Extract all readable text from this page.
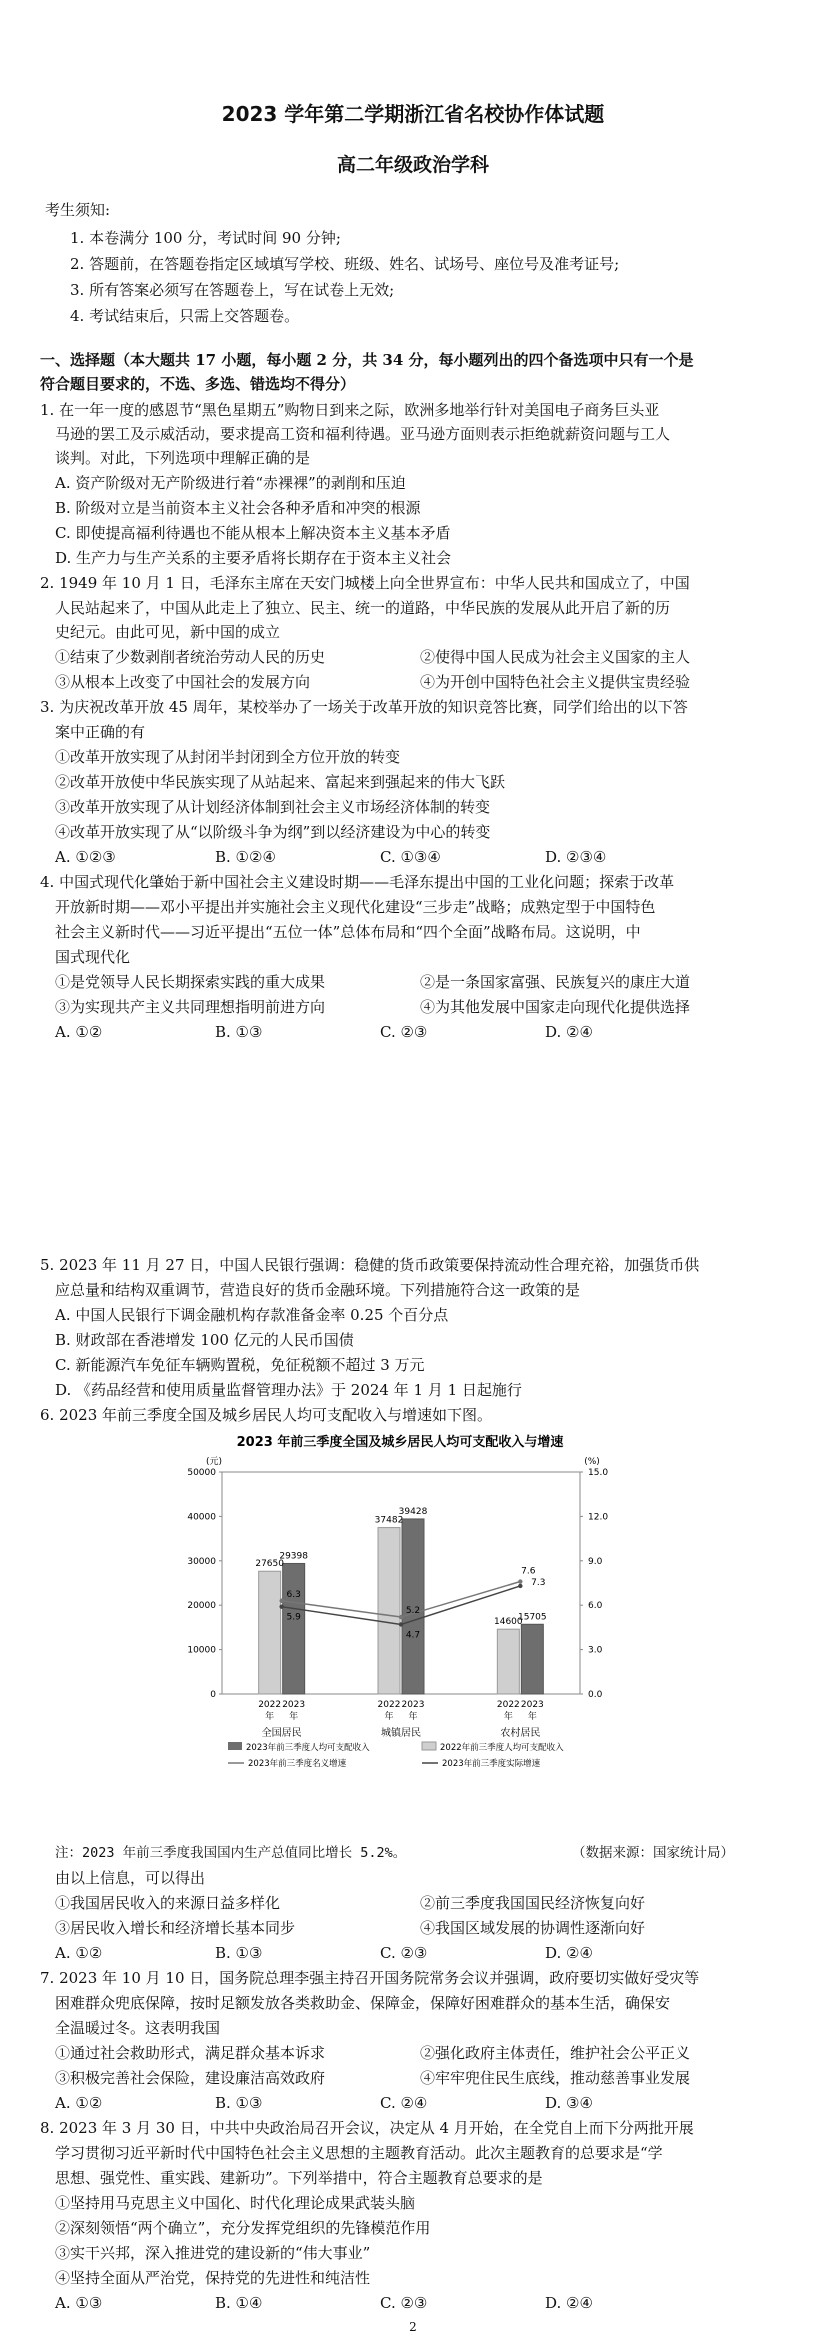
2023 学年第二学期浙江省名校协作体试题
高二年级政治学科
考生须知:
1. 本卷满分 100 分，考试时间 90 分钟;
2. 答题前，在答题卷指定区域填写学校、班级、姓名、试场号、座位号及准考证号;
3. 所有答案必须写在答题卷上，写在试卷上无效;
4. 考试结束后，只需上交答题卷。
一、选择题（本大题共 17 小题，每小题 2 分，共 34 分，每小题列出的四个备选项中只有一个是
符合题目要求的，不选、多选、错选均不得分）
1. 在一年一度的感恩节“黑色星期五”购物日到来之际，欧洲多地举行针对美国电子商务巨头亚
马逊的罢工及示威活动，要求提高工资和福利待遇。亚马逊方面则表示拒绝就薪资问题与工人
谈判。对此，下列选项中理解正确的是
A. 资产阶级对无产阶级进行着“赤裸裸”的剥削和压迫
B. 阶级对立是当前资本主义社会各种矛盾和冲突的根源
C. 即使提高福利待遇也不能从根本上解决资本主义基本矛盾
D. 生产力与生产关系的主要矛盾将长期存在于资本主义社会
2. 1949 年 10 月 1 日，毛泽东主席在天安门城楼上向全世界宣布：中华人民共和国成立了，中国
人民站起来了，中国从此走上了独立、民主、统一的道路，中华民族的发展从此开启了新的历
史纪元。由此可见，新中国的成立
①结束了少数剥削者统治劳动人民的历史	②使得中国人民成为社会主义国家的主人
③从根本上改变了中国社会的发展方向	④为开创中国特色社会主义提供宝贵经验
3. 为庆祝改革开放 45 周年，某校举办了一场关于改革开放的知识竞答比赛，同学们给出的以下答
案中正确的有
①改革开放实现了从封闭半封闭到全方位开放的转变
②改革开放使中华民族实现了从站起来、富起来到强起来的伟大飞跃
③改革开放实现了从计划经济体制到社会主义市场经济体制的转变
④改革开放实现了从“以阶级斗争为纲”到以经济建设为中心的转变
A. ①②③	B. ①②④	C. ①③④	D. ②③④
4. 中国式现代化肇始于新中国社会主义建设时期——毛泽东提出中国的工业化问题；探索于改革
开放新时期——邓小平提出并实施社会主义现代化建设“三步走”战略；成熟定型于中国特色
社会主义新时代——习近平提出“五位一体”总体布局和“四个全面”战略布局。这说明，中
国式现代化
①是党领导人民长期探索实践的重大成果	②是一条国家富强、民族复兴的康庄大道
③为实现共产主义共同理想指明前进方向	④为其他发展中国家走向现代化提供选择
A. ①②	B. ①③	C. ②③	D. ②④
5. 2023 年 11 月 27 日，中国人民银行强调：稳健的货币政策要保持流动性合理充裕，加强货币供
应总量和结构双重调节，营造良好的货币金融环境。下列措施符合这一政策的是
A. 中国人民银行下调金融机构存款准备金率 0.25 个百分点
B. 财政部在香港增发 100 亿元的人民币国债
C. 新能源汽车免征车辆购置税，免征税额不超过 3 万元
D. 《药品经营和使用质量监督管理办法》于 2024 年 1 月 1 日起施行
6. 2023 年前三季度全国及城乡居民人均可支配收入与增速如下图。
2023 年前三季度全国及城乡居民人均可支配收入与增速
(元)	(%)
50000
40000
30000
20000
10000
0
15.0
12.0
9.0
6.0
3.0
0.0
27650
29398
2022 2023
年 年
全国居民
37482
39428
2022 2023
年 年
城镇居民
14600
15705
2022 2023
年 年
农村居民
6.3
5.9
5.2
4.7
7.6
7.3
2023年前三季度人均可支配收入	2022年前三季度人均可支配收入
2023年前三季度名义增速	2023年前三季度实际增速
注：2023 年前三季度我国国内生产总值同比增长 5.2%。	（数据来源：国家统计局）
由以上信息，可以得出
①我国居民收入的来源日益多样化	②前三季度我国国民经济恢复向好
③居民收入增长和经济增长基本同步	④我国区域发展的协调性逐渐向好
A. ①②	B. ①③	C. ②③	D. ②④
7. 2023 年 10 月 10 日，国务院总理李强主持召开国务院常务会议并强调，政府要切实做好受灾等
困难群众兜底保障，按时足额发放各类救助金、保障金，保障好困难群众的基本生活，确保安
全温暖过冬。这表明我国
①通过社会救助形式，满足群众基本诉求	②强化政府主体责任，维护社会公平正义
③积极完善社会保险，建设廉洁高效政府	④牢牢兜住民生底线，推动慈善事业发展
A. ①②	B. ①③	C. ②④	D. ③④
8. 2023 年 3 月 30 日，中共中央政治局召开会议，决定从 4 月开始，在全党自上而下分两批开展
学习贯彻习近平新时代中国特色社会主义思想的主题教育活动。此次主题教育的总要求是“学
思想、强党性、重实践、建新功”。下列举措中，符合主题教育总要求的是
①坚持用马克思主义中国化、时代化理论成果武装头脑
②深刻领悟“两个确立”，充分发挥党组织的先锋模范作用
③实干兴邦，深入推进党的建设新的“伟大事业”
④坚持全面从严治党，保持党的先进性和纯洁性
A. ①③	B. ①④	C. ②③	D. ②④
2
